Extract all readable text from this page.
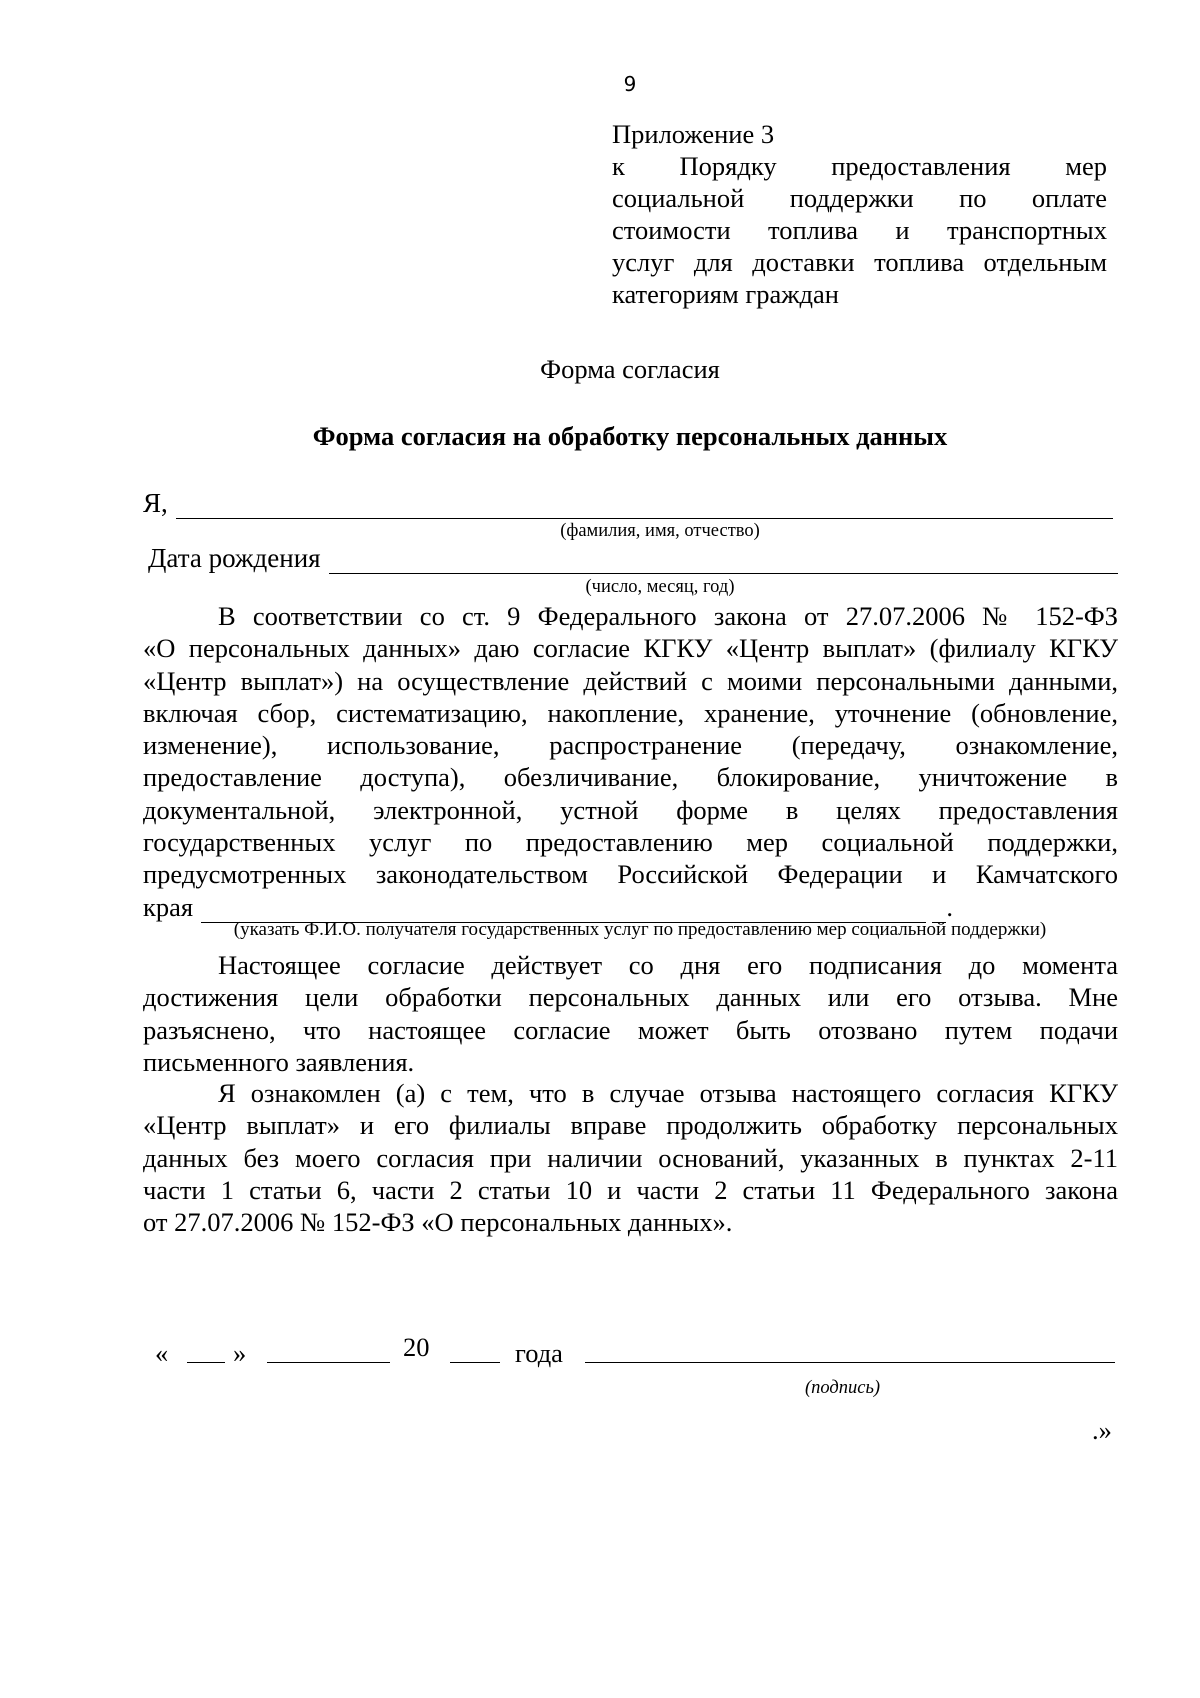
9
Приложение 3
к Порядку предоставления мер
социальной поддержки по оплате
стоимости топлива и транспортных
услуг для доставки топлива отдельным
категориям граждан
Форма согласия
Форма согласия на обработку персональных данных
Я,
(фамилия, имя, отчество)
Дата рождения
(число, месяц, год)
В соответствии со ст. 9 Федерального закона от 27.07.2006 № 152-ФЗ
«О персональных данных» даю согласие КГКУ «Центр выплат» (филиалу КГКУ
«Центр выплат») на осуществление действий с моими персональными данными,
включая сбор, систематизацию, накопление, хранение, уточнение (обновление,
изменение), использование, распространение (передачу, ознакомление,
предоставление доступа), обезличивание, блокирование, уничтожение в
документальной, электронной, устной форме в целях предоставления
государственных услуг по предоставлению мер социальной поддержки,
предусмотренных законодательством Российской Федерации и Камчатского
края	.
(указать Ф.И.О. получателя государственных услуг по предоставлению мер социальной поддержки)
Настоящее согласие действует со дня его подписания до момента
достижения цели обработки персональных данных или его отзыва. Мне
разъяснено, что настоящее согласие может быть отозвано путем подачи
письменного заявления.
Я ознакомлен (а) с тем, что в случае отзыва настоящего согласия КГКУ
«Центр выплат» и его филиалы вправе продолжить обработку персональных
данных без моего согласия при наличии оснований, указанных в пунктах 2-11
части 1 статьи 6, части 2 статьи 10 и части 2 статьи 11 Федерального закона
от 27.07.2006 № 152-ФЗ «О персональных данных».
« »	20	года
(подпись)
.»
